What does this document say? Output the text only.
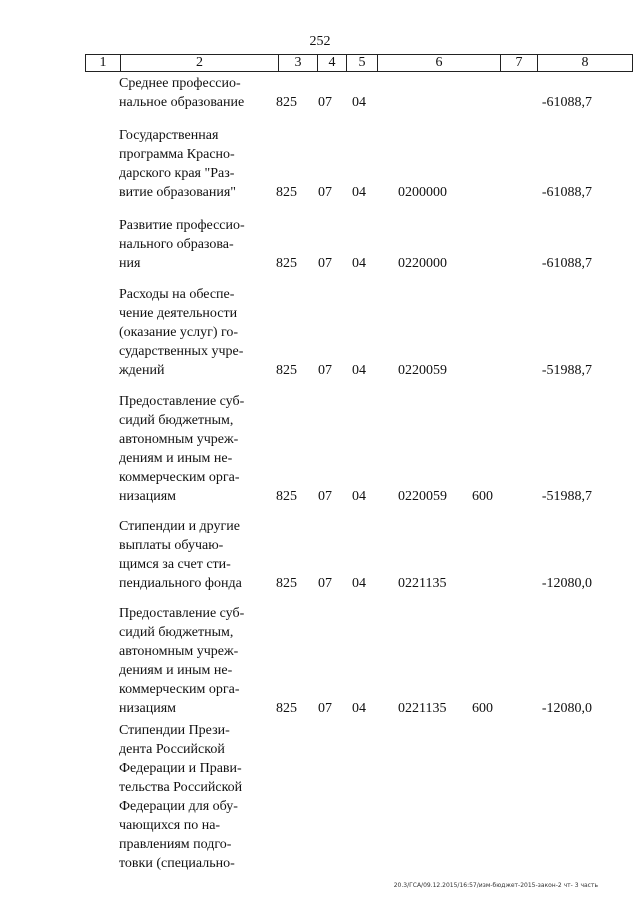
252
1	2	3	4	5	6	7	8
Среднее профессио-
нальное образование	825 07 04	-61088,7
Государственная
программа Красно-
дарского края "Раз-
витие образования"	825 07 04 0200000	-61088,7
Развитие профессио-
нального образова-
ния	825 07 04 0220000	-61088,7
Расходы на обеспе-
чение деятельности
(оказание услуг) го-
сударственных учре-
ждений	825 07 04 0220059	-51988,7
Предоставление суб-
сидий бюджетным,
автономным учреж-
дениям и иным не-
коммерческим орга-
низациям	825 07 04 0220059 600	-51988,7
Стипендии и другие
выплаты обучаю-
щимся за счет сти-
пендиального фонда	825 07 04 0221135	-12080,0
Предоставление суб-
сидий бюджетным,
автономным учреж-
дениям и иным не-
коммерческим орга-
низациям	825 07 04 0221135 600	-12080,0
Стипендии Прези-
дента Российской
Федерации и Прави-
тельства Российской
Федерации для обу-
чающихся по на-
правлениям подго-
товки (специально-
20.3/ГСА/09.12.2015/16:57/изм-бюджет-2015-закон-2 чт- 3 часть
